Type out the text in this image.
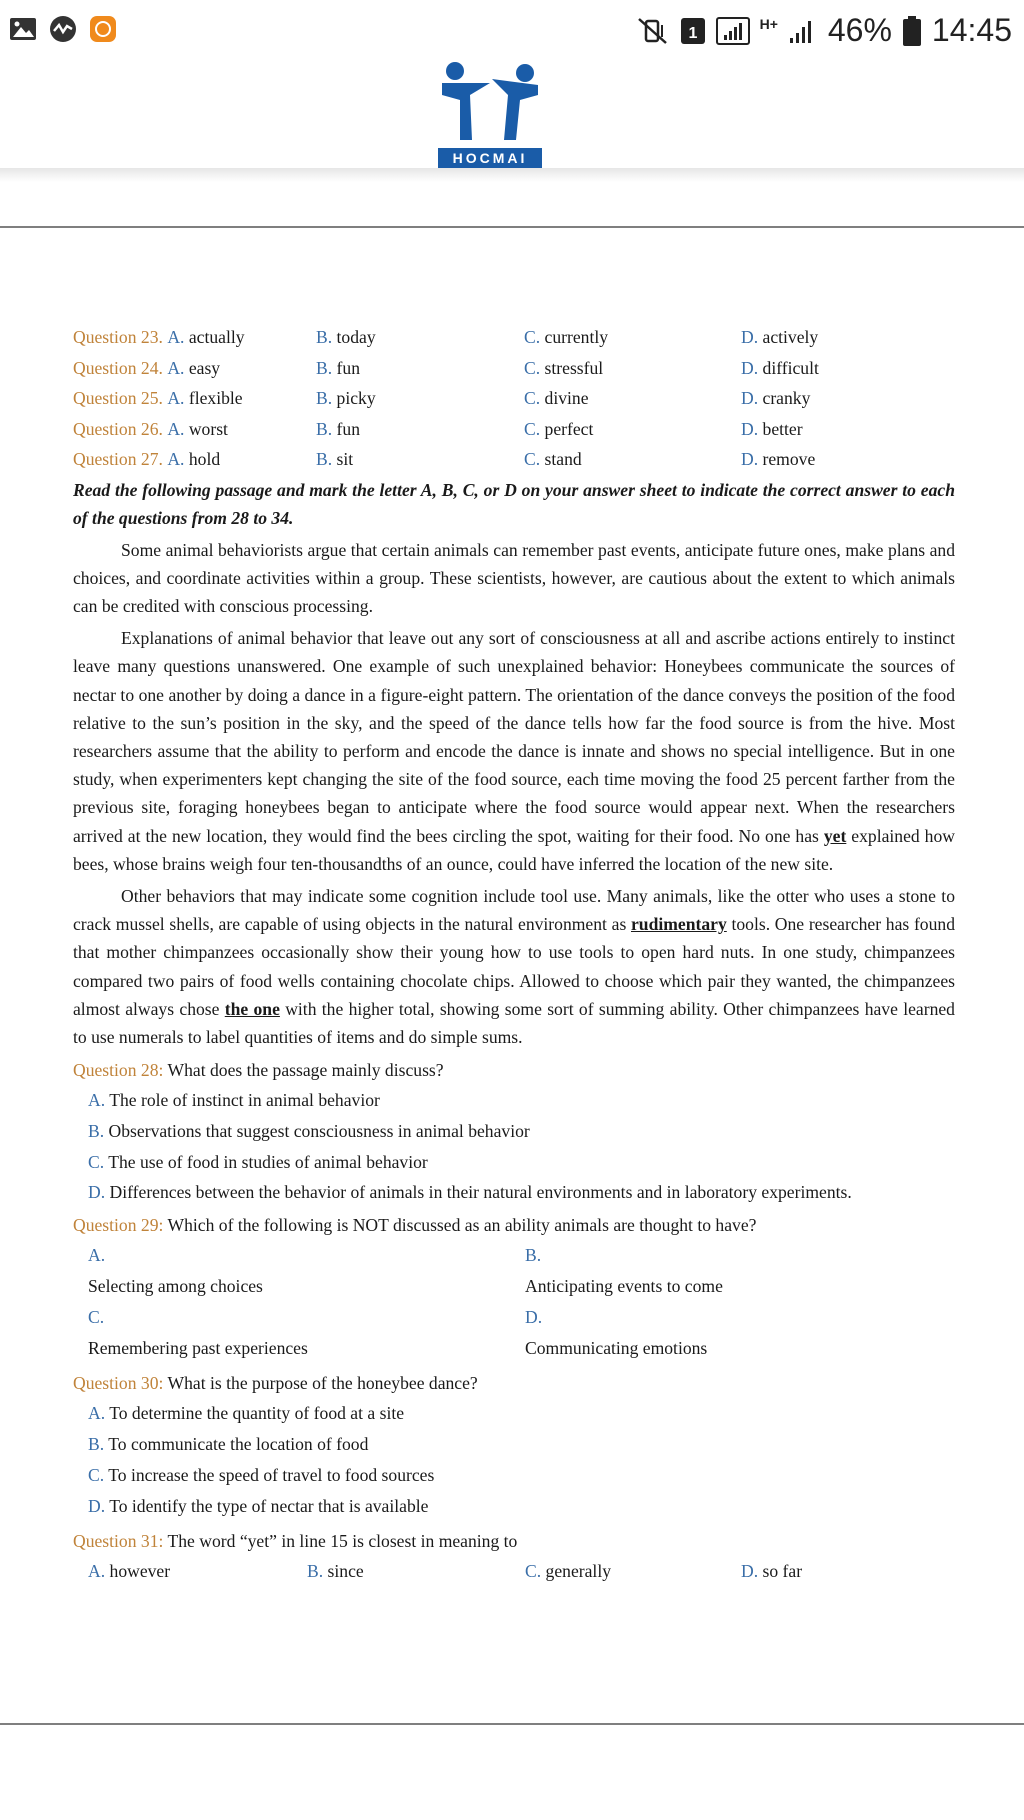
1
H+ 46% 14:45
HOCMAI
Question 23. A. actually	B. today	C. currently	D. actively
Question 24. A. easy	B. fun	C. stressful	D. difficult
Question 25. A. flexible	B. picky	C. divine	D. cranky
Question 26. A. worst	B. fun	C. perfect	D. better
Question 27. A. hold	B. sit	C. stand	D. remove
Read the following passage and mark the letter A, B, C, or D on your answer sheet to indicate the correct answer to each of the questions from 28 to 34.

Some animal behaviorists argue that certain animals can remember past events, anticipate future ones, make plans and choices, and coordinate activities within a group. These scientists, however, are cautious about the extent to which animals can be credited with conscious processing.

Explanations of animal behavior that leave out any sort of consciousness at all and ascribe actions entirely to instinct leave many questions unanswered. One example of such unexplained behavior: Honeybees communicate the sources of nectar to one another by doing a dance in a figure-eight pattern. The orientation of the dance conveys the position of the food relative to the sun’s position in the sky, and the speed of the dance tells how far the food source is from the hive. Most researchers assume that the ability to perform and encode the dance is innate and shows no special intelligence. But in one study, when experimenters kept changing the site of the food source, each time moving the food 25 percent farther from the previous site, foraging honeybees began to anticipate where the food source would appear next. When the researchers arrived at the new location, they would find the bees circling the spot, waiting for their food. No one has yet explained how bees, whose brains weigh four ten-thousandths of an ounce, could have inferred the location of the new site.

Other behaviors that may indicate some cognition include tool use. Many animals, like the otter who uses a stone to crack mussel shells, are capable of using objects in the natural environment as rudimentary tools. One researcher has found that mother chimpanzees occasionally show their young how to use tools to open hard nuts. In one study, chimpanzees compared two pairs of food wells containing chocolate chips. Allowed to choose which pair they wanted, the chimpanzees almost always chose the one with the higher total, showing some sort of summing ability. Other chimpanzees have learned to use numerals to label quantities of items and do simple sums.

Question 28: What does the passage mainly discuss?
A. The role of instinct in animal behavior
B. Observations that suggest consciousness in animal behavior
C. The use of food in studies of animal behavior
D. Differences between the behavior of animals in their natural environments and in laboratory experiments.
Question 29: Which of the following is NOT discussed as an ability animals are thought to have?
A. Selecting among choices
B. Anticipating events to come
C. Remembering past experiences
D. Communicating emotions
Question 30: What is the purpose of the honeybee dance?
A. To determine the quantity of food at a site
B. To communicate the location of food
C. To increase the speed of travel to food sources
D. To identify the type of nectar that is available
Question 31: The word “yet” in line 15 is closest in meaning to
A. however	B. since	C. generally	D. so far
